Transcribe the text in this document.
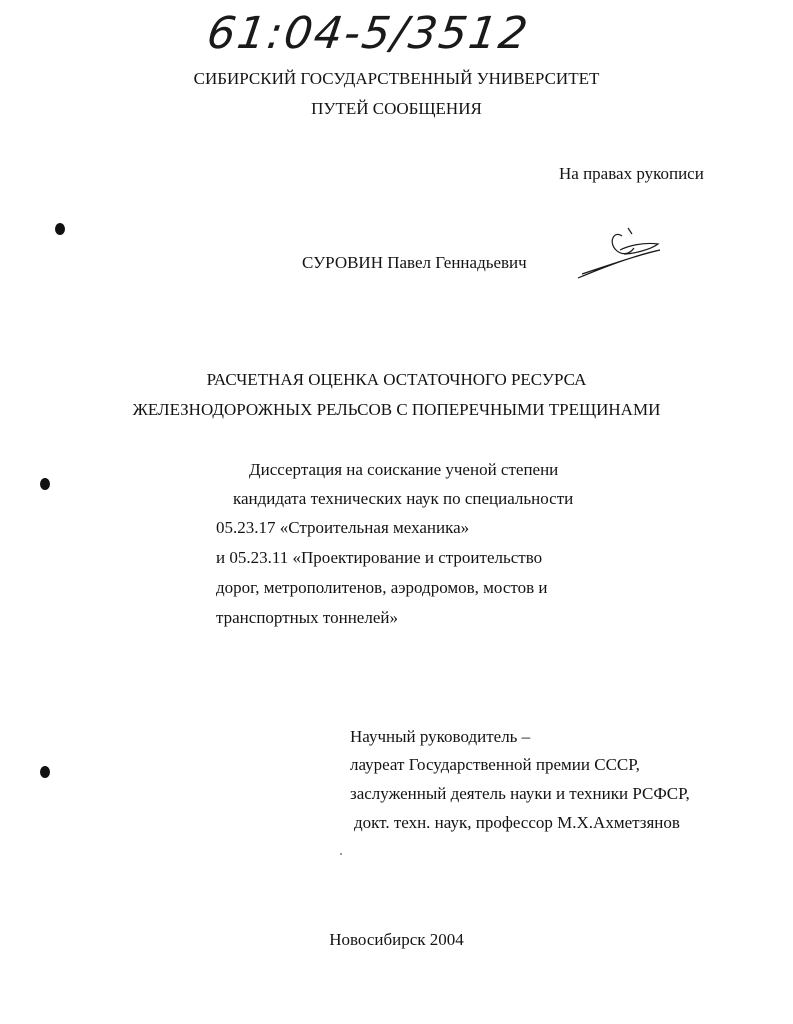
61:04-5/3512
СИБИРСКИЙ ГОСУДАРСТВЕННЫЙ УНИВЕРСИТЕТ
ПУТЕЙ СООБЩЕНИЯ
На правах рукописи
СУРОВИН Павел Геннадьевич
РАСЧЕТНАЯ ОЦЕНКА ОСТАТОЧНОГО РЕСУРСА
ЖЕЛЕЗНОДОРОЖНЫХ РЕЛЬСОВ С ПОПЕРЕЧНЫМИ ТРЕЩИНАМИ
Диссертация на соискание ученой степени
кандидата технических наук по специальности
05.23.17 «Строительная механика»
и 05.23.11 «Проектирование и строительство
дорог, метрополитенов, аэродромов, мостов и
транспортных тоннелей»
Научный руководитель –
лауреат Государственной премии СССР,
заслуженный деятель науки и техники РСФСР,
докт. техн. наук, профессор М.Х.Ахметзянов
Новосибирск 2004
